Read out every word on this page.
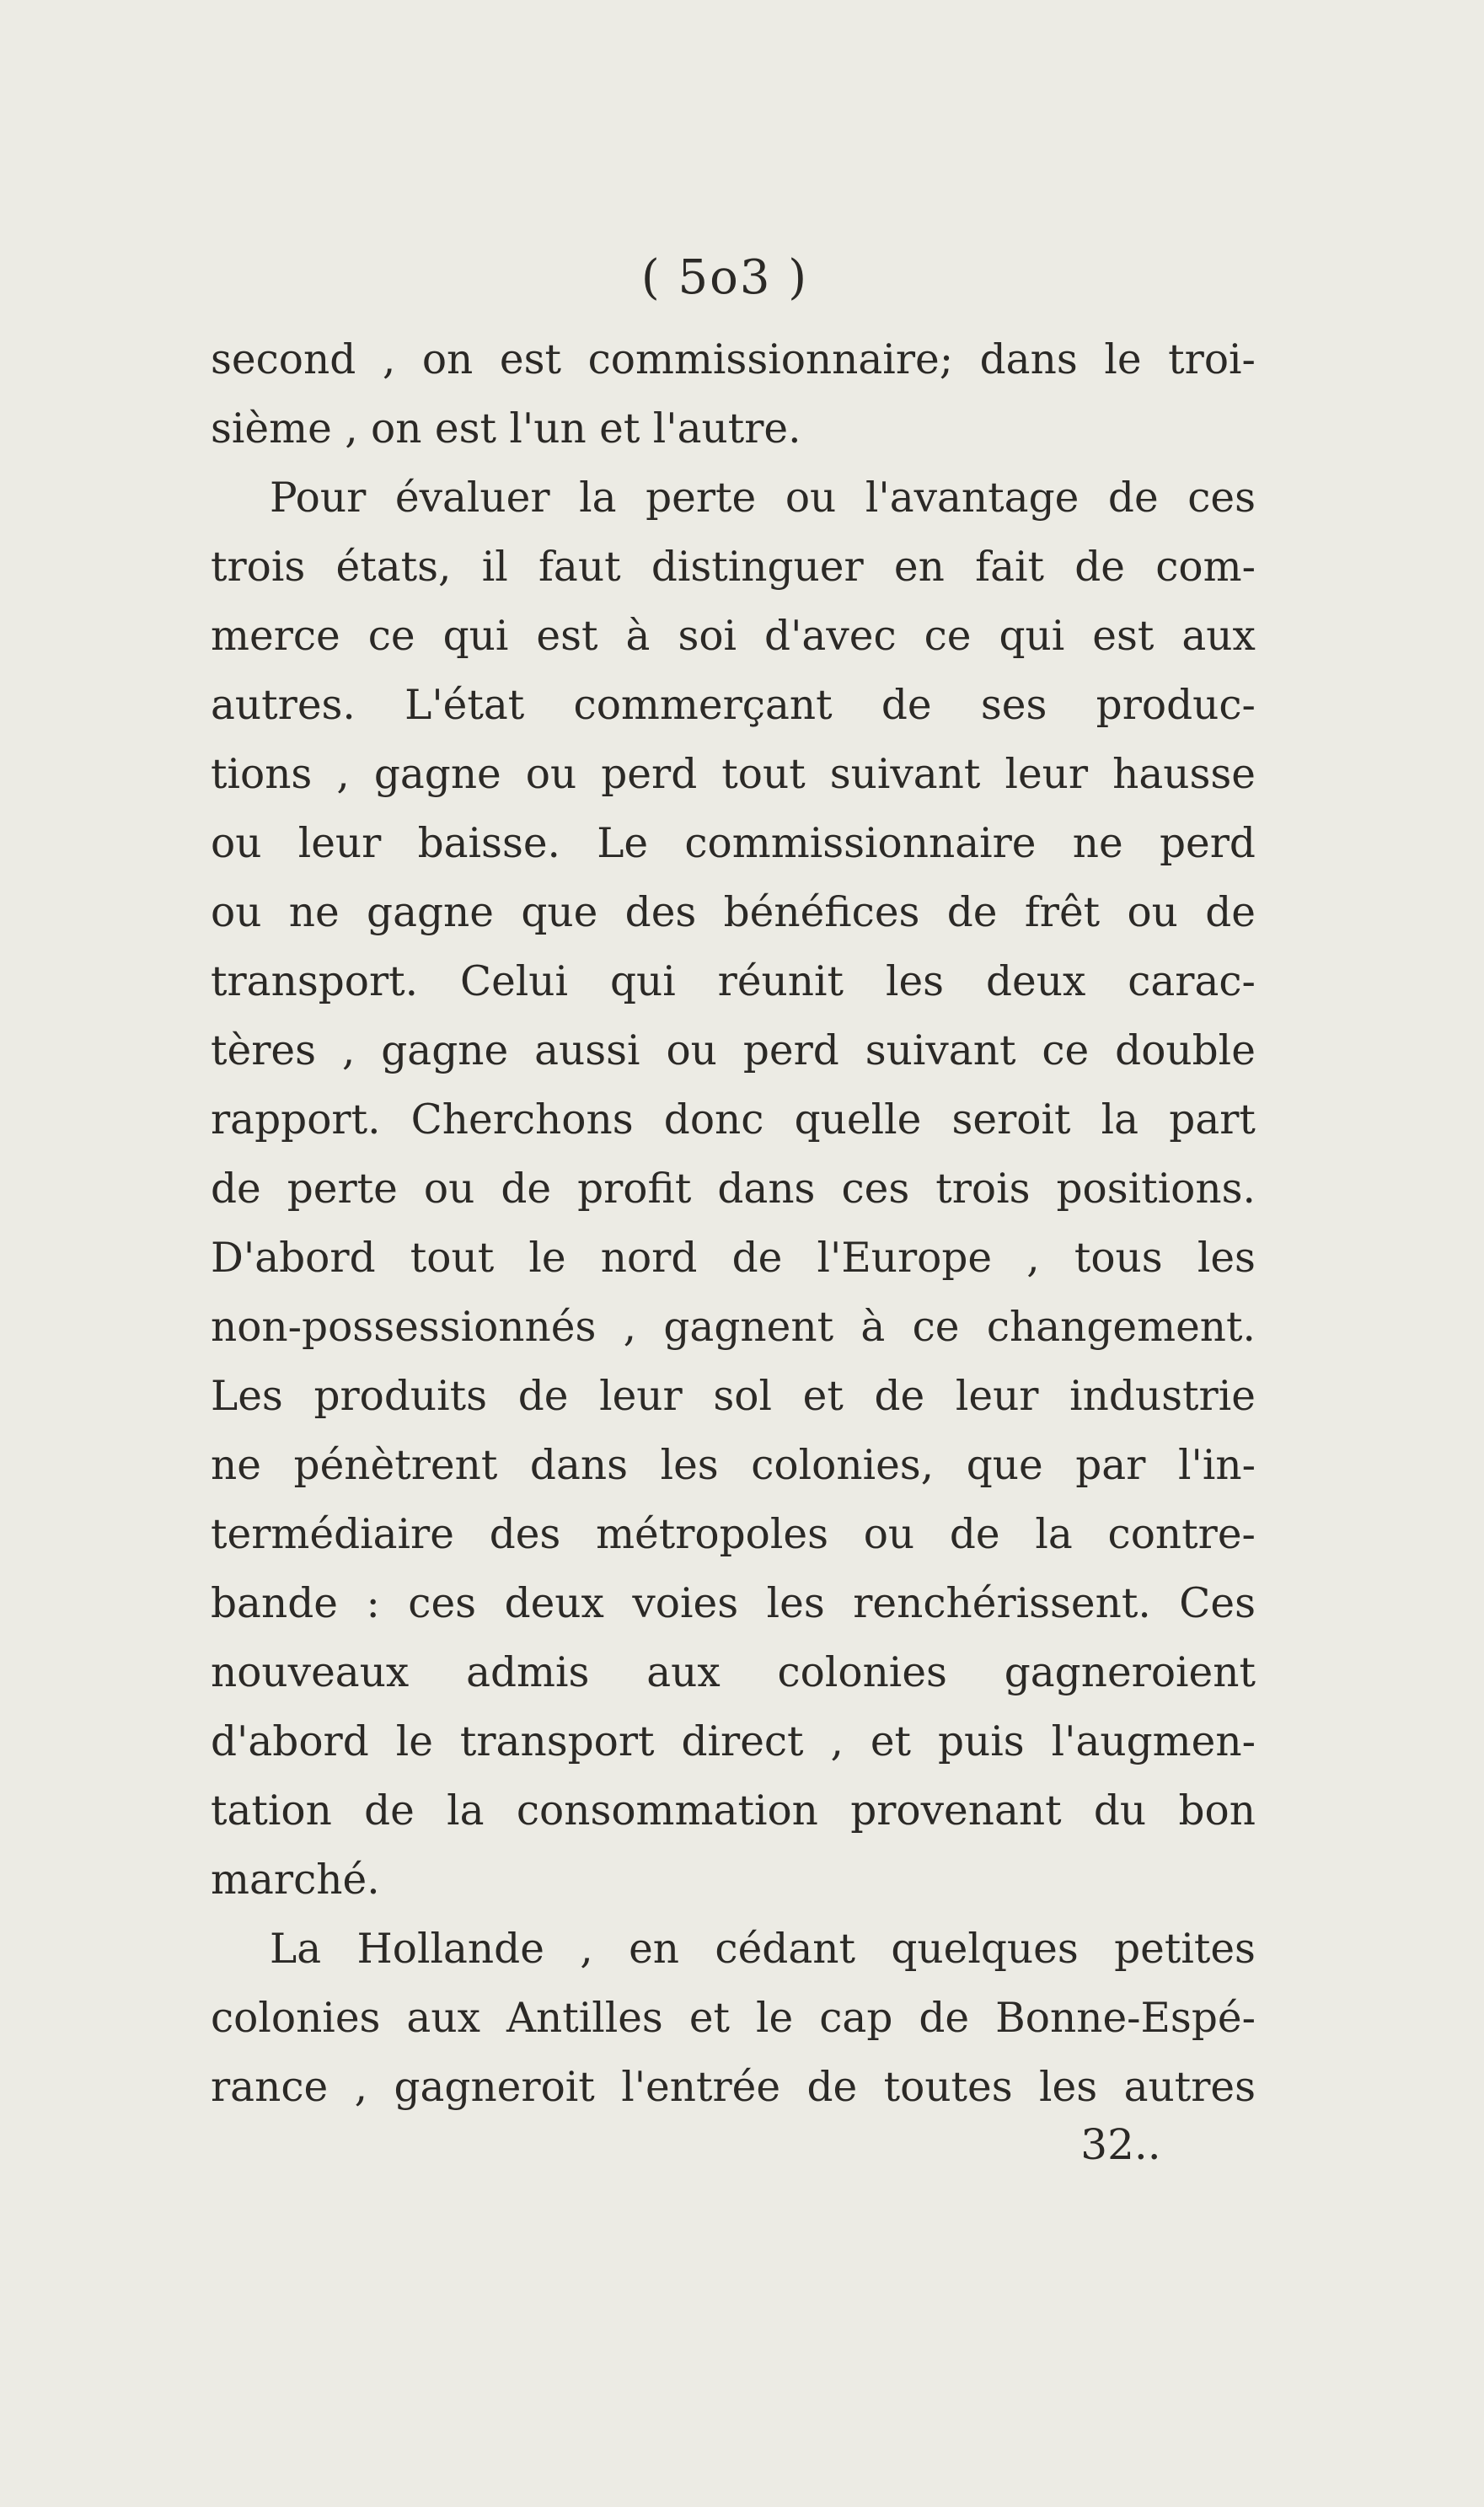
( 5o3 )
second , on est commissionnaire; dans le troi-
sième , on est l'un et l'autre.
Pour évaluer la perte ou l'avantage de ces
trois états, il faut distinguer en fait de com-
merce ce qui est à soi d'avec ce qui est aux
autres. L'état commerçant de ses produc-
tions , gagne ou perd tout suivant leur hausse
ou leur baisse. Le commissionnaire ne perd
ou ne gagne que des bénéfices de frêt ou de
transport. Celui qui réunit les deux carac-
tères , gagne aussi ou perd suivant ce double
rapport. Cherchons donc quelle seroit la part
de perte ou de profit dans ces trois positions.
D'abord tout le nord de l'Europe , tous les
non-possessionnés , gagnent à ce changement.
Les produits de leur sol et de leur industrie
ne pénètrent dans les colonies, que par l'in-
termédiaire des métropoles ou de la contre-
bande : ces deux voies les renchérissent. Ces
nouveaux admis aux colonies gagneroient
d'abord le transport direct , et puis l'augmen-
tation de la consommation provenant du bon
marché.
La Hollande , en cédant quelques petites
colonies aux Antilles et le cap de Bonne-Espé-
rance , gagneroit l'entrée de toutes les autres
32..
